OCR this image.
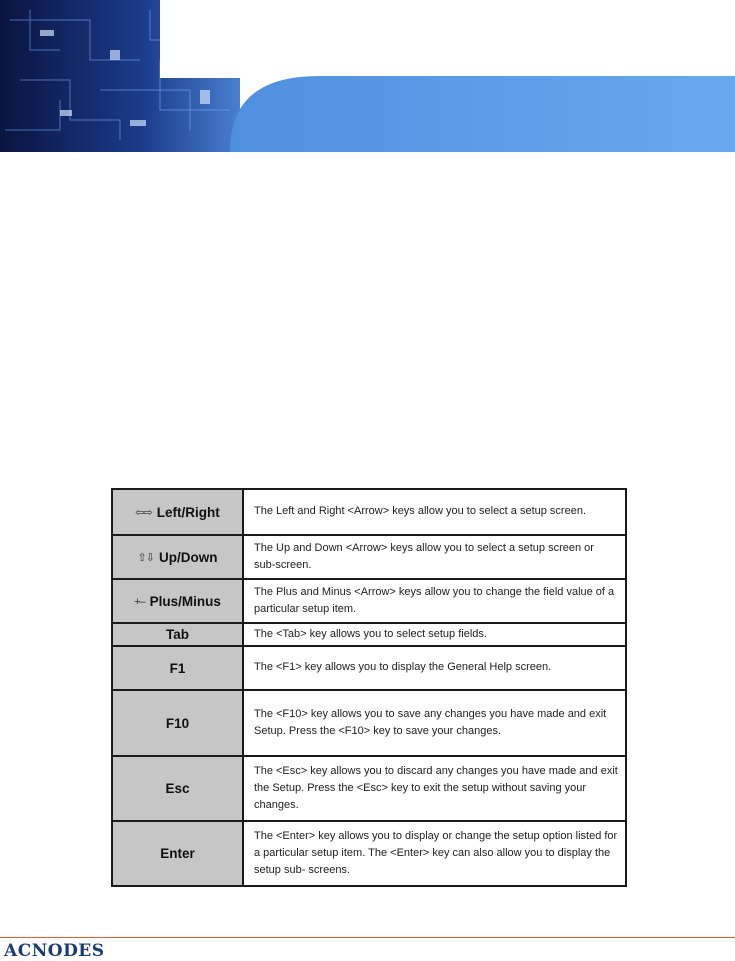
⇦⇨ Left/Right	The Left and Right <Arrow> keys allow you to select a setup screen.

⇧⇩ Up/Down	The Up and Down <Arrow> keys allow you to select a setup screen or sub-screen.

+– Plus/Minus	The Plus and Minus <Arrow> keys allow you to change the field value of a particular setup item.
Tab	The <Tab> key allows you to select setup fields.
F1	The <F1> key allows you to display the General Help screen.
F10	The <F10> key allows you to save any changes you have made and exit Setup. Press the <F10> key to save your changes.
Esc	The <Esc> key allows you to discard any changes you have made and exit the Setup. Press the <Esc> key to exit the setup without saving your changes.
Enter	The <Enter> key allows you to display or change the setup option listed for a particular setup item. The <Enter> key can also allow you to display the setup sub- screens.
ACNODES
